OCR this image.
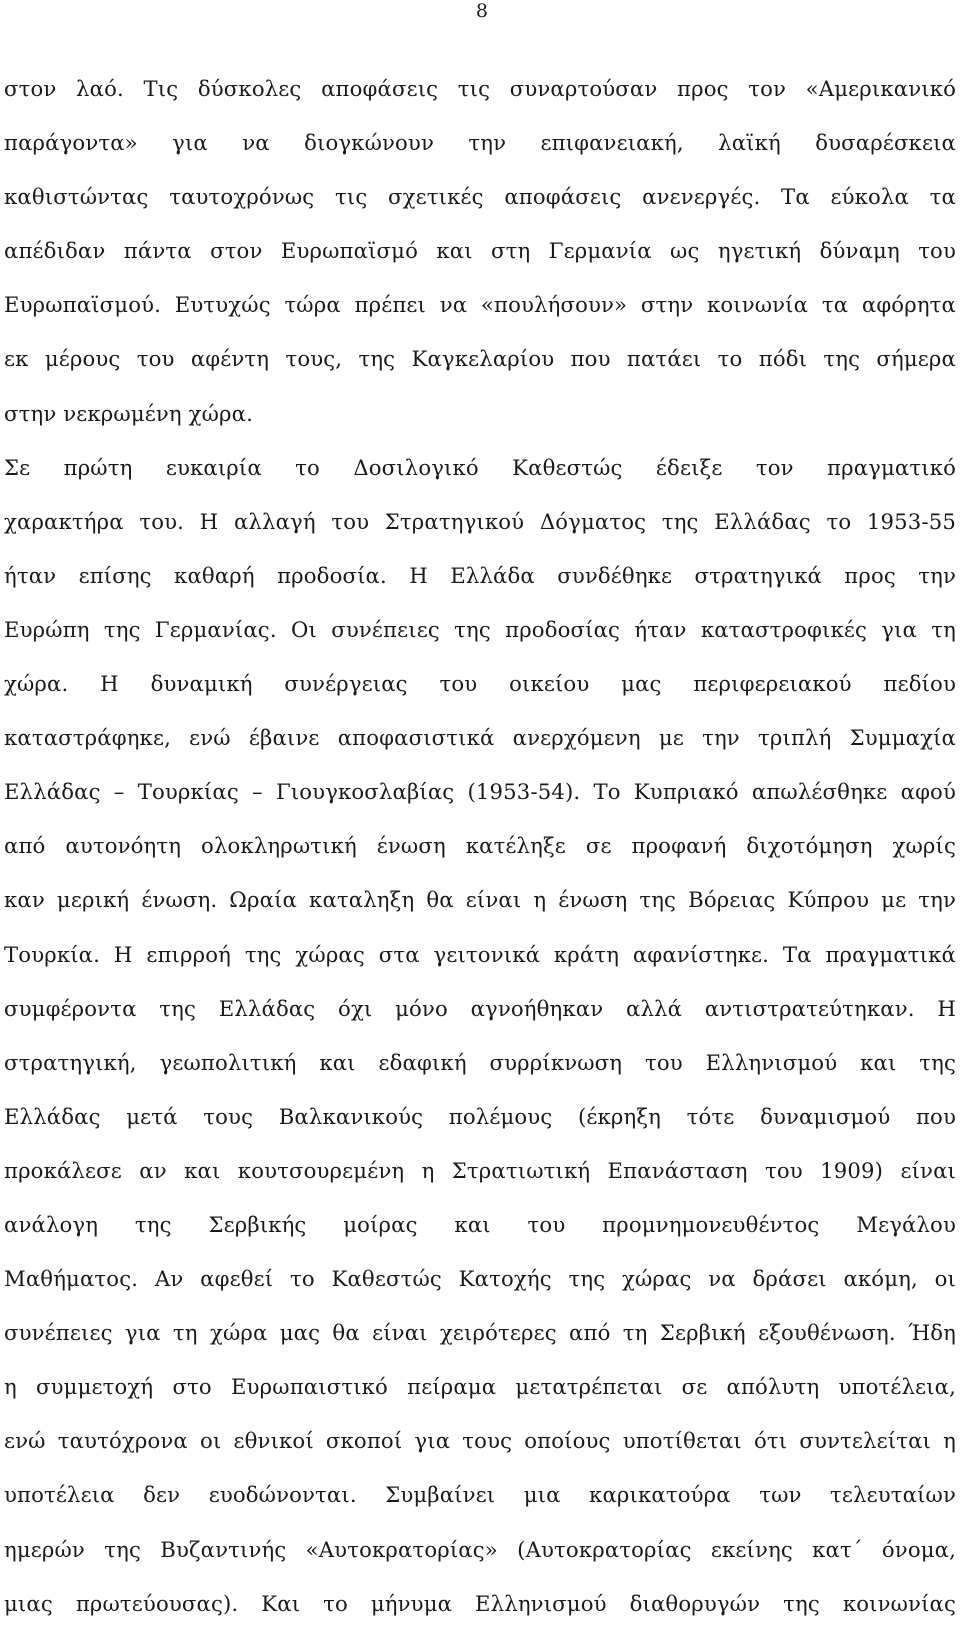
8
στον λαό. Τις δύσκολες αποφάσεις τις συναρτούσαν προς τον «Αμερικανικό
παράγοντα» για να διογκώνουν την επιφανειακή, λαϊκή δυσαρέσκεια
καθιστώντας ταυτοχρόνως τις σχετικές αποφάσεις ανενεργές. Τα εύκολα τα
απέδιδαν πάντα στον Ευρωπαϊσμό και στη Γερμανία ως ηγετική δύναμη του
Ευρωπαϊσμού. Ευτυχώς τώρα πρέπει να «πουλήσουν» στην κοινωνία τα αφόρητα
εκ μέρους του αφέντη τους, της Καγκελαρίου που πατάει το πόδι της σήμερα
στην νεκρωμένη χώρα.
Σε πρώτη ευκαιρία το Δοσιλογικό Καθεστώς έδειξε τον πραγματικό
χαρακτήρα του. Η αλλαγή του Στρατηγικού Δόγματος της Ελλάδας το 1953-55
ήταν επίσης καθαρή προδοσία. Η Ελλάδα συνδέθηκε στρατηγικά προς την
Ευρώπη της Γερμανίας. Οι συνέπειες της προδοσίας ήταν καταστροφικές για τη
χώρα. Η δυναμική συνέργειας του οικείου μας περιφερειακού πεδίου
καταστράφηκε, ενώ έβαινε αποφασιστικά ανερχόμενη με την τριπλή Συμμαχία
Ελλάδας – Τουρκίας – Γιουγκοσλαβίας (1953-54). Το Κυπριακό απωλέσθηκε αφού
από αυτονόητη ολοκληρωτική ένωση κατέληξε σε προφανή διχοτόμηση χωρίς
καν μερική ένωση. Ωραία καταληξη θα είναι η ένωση της Βόρειας Κύπρου με την
Τουρκία. Η επιρροή της χώρας στα γειτονικά κράτη αφανίστηκε. Τα πραγματικά
συμφέροντα της Ελλάδας όχι μόνο αγνοήθηκαν αλλά αντιστρατεύτηκαν. Η
στρατηγική, γεωπολιτική και εδαφική συρρίκνωση του Ελληνισμού και της
Ελλάδας μετά τους Βαλκανικούς πολέμους (έκρηξη τότε δυναμισμού που
προκάλεσε αν και κουτσουρεμένη η Στρατιωτική Επανάσταση του 1909) είναι
ανάλογη της Σερβικής μοίρας και του προμνημονευθέντος Μεγάλου
Μαθήματος. Αν αφεθεί το Καθεστώς Κατοχής της χώρας να δράσει ακόμη, οι
συνέπειες για τη χώρα μας θα είναι χειρότερες από τη Σερβική εξουθένωση. Ήδη
η συμμετοχή στο Ευρωπαιστικό πείραμα μετατρέπεται σε απόλυτη υποτέλεια,
ενώ ταυτόχρονα οι εθνικοί σκοποί για τους οποίους υποτίθεται ότι συντελείται η
υποτέλεια δεν ευοδώνονται. Συμβαίνει μια καρικατούρα των τελευταίων
ημερών της Βυζαντινής «Αυτοκρατορίας» (Αυτοκρατορίας εκείνης κατ΄ όνομα,
μιας πρωτεύουσας). Και το μήνυμα Ελληνισμού διαθορυγών της κοινωνίας
